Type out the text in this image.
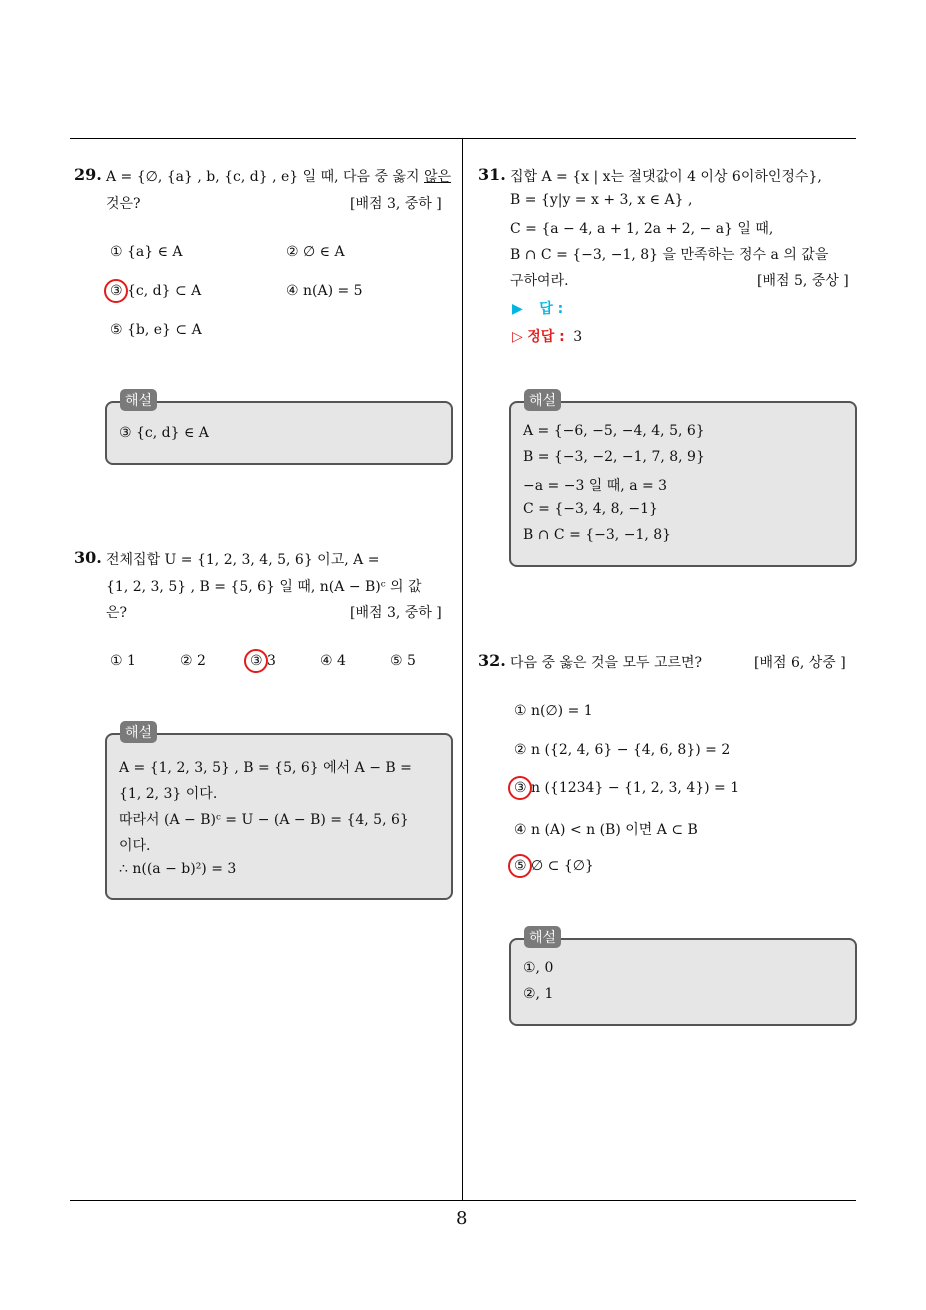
29. A = {∅, {a} , b, {c, d} , e} 일 때, 다음 중 옳지 않은
것은?	[배점 3, 중하 ]
① {a} ∈ A	② ∅ ∈ A
③ {c, d} ⊂ A	④ n(A) = 5
⑤ {b, e} ⊂ A
③ {c, d} ∈ A
해설
30. 전체집합 U = {1, 2, 3, 4, 5, 6} 이고, A =
{1, 2, 3, 5} , B = {5, 6} 일 때, n(A − B)ᶜ 의 값
은?	[배점 3, 중하 ]
① 1	② 2	③ 3	④ 4	⑤ 5
A = {1, 2, 3, 5} , B = {5, 6} 에서 A − B =
{1, 2, 3} 이다.
따라서 (A − B)ᶜ = U − (A − B) = {4, 5, 6}
이다.
∴ n((a − b)²) = 3
해설
31. 집합 A = {x | x는 절댓값이 4 이상 6이하인정수},
B = {y|y = x + 3, x ∈ A} ,
C = {a − 4, a + 1, 2a + 2, − a} 일 때,
B ∩ C = {−3, −1, 8} 을 만족하는 정수 a 의 값을
구하여라.	[배점 5, 중상 ]
▶ 답 :
▷ 정답 : 3
A = {−6, −5, −4, 4, 5, 6}
B = {−3, −2, −1, 7, 8, 9}
−a = −3 일 때, a = 3
C = {−3, 4, 8, −1}
B ∩ C = {−3, −1, 8}
해설
32. 다음 중 옳은 것을 모두 고르면?	[배점 6, 상중 ]
① n(∅) = 1
② n ({2, 4, 6} − {4, 6, 8}) = 2
③ n ({1234} − {1, 2, 3, 4}) = 1
④ n (A) < n (B) 이면 A ⊂ B
⑤ ∅ ⊂ {∅}
①, 0
②, 1
해설
8
